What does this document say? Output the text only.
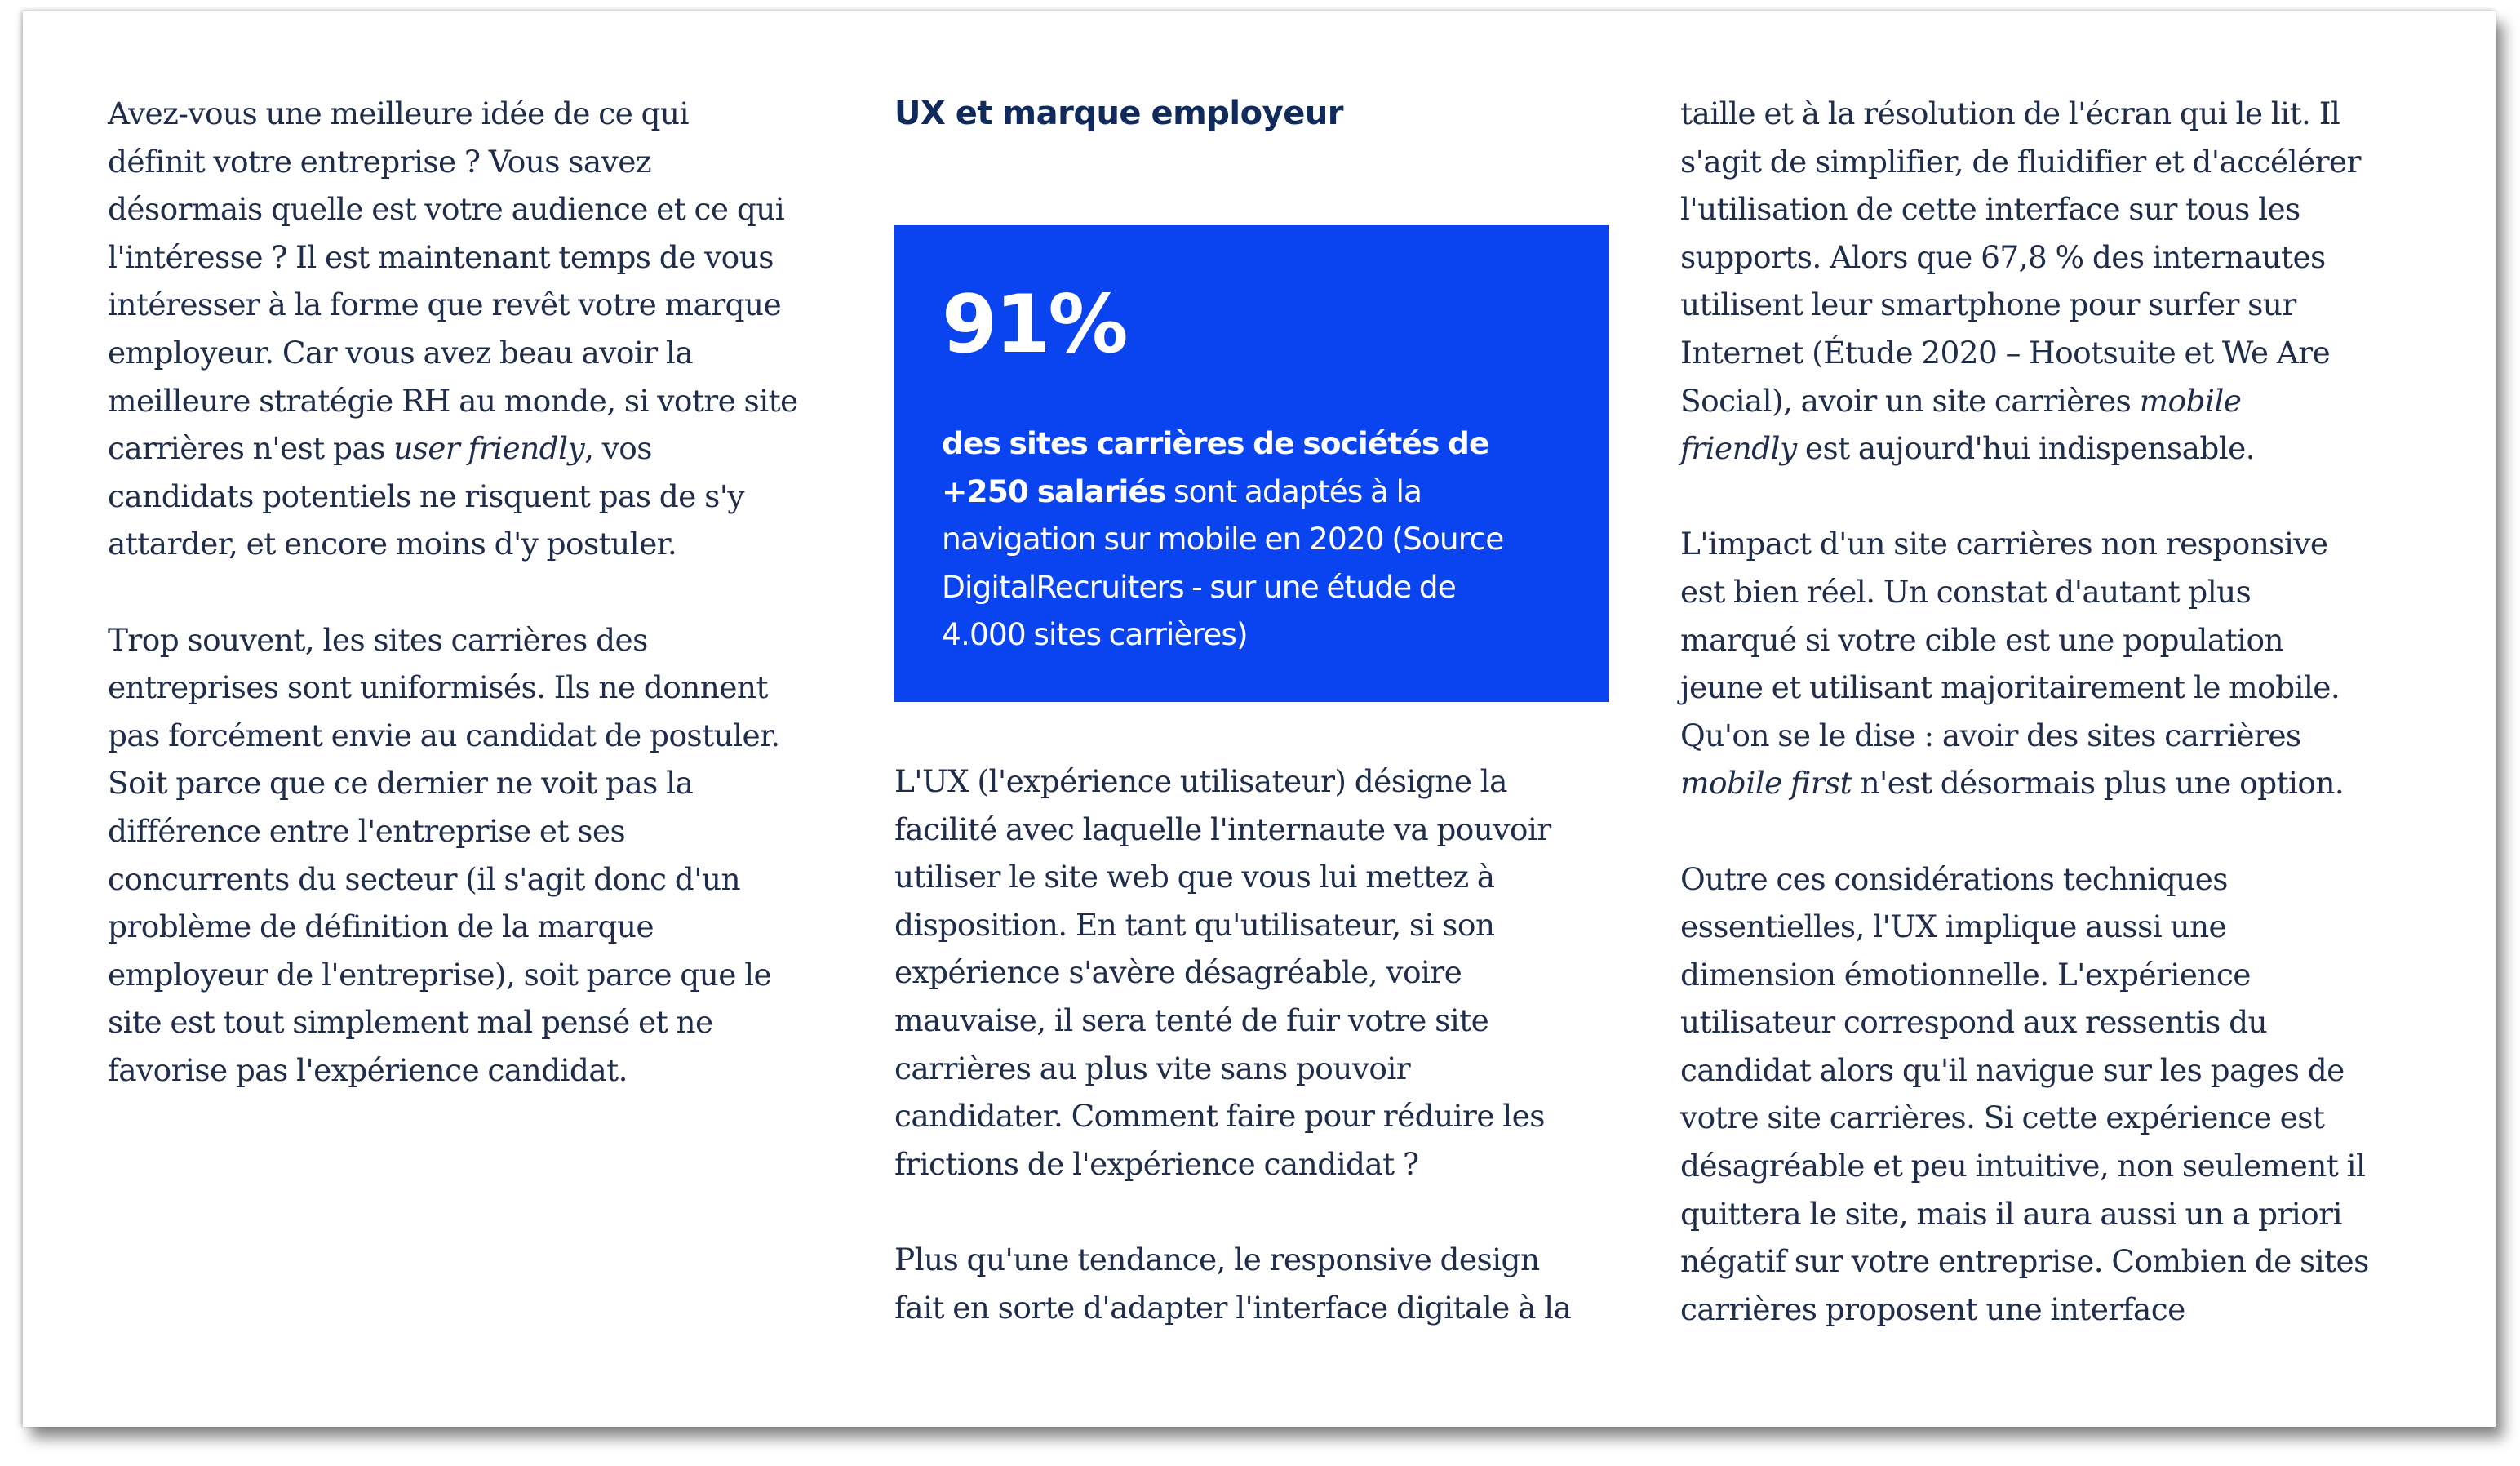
Avez-vous une meilleure idée de ce qui

définit votre entreprise ? Vous savez

désormais quelle est votre audience et ce qui

l'intéresse ? Il est maintenant temps de vous

intéresser à la forme que revêt votre marque

employeur. Car vous avez beau avoir la

meilleure stratégie RH au monde, si votre site

carrières n'est pas user friendly, vos

candidats potentiels ne risquent pas de s'y

attarder, et encore moins d'y postuler.

Trop souvent, les sites carrières des

entreprises sont uniformisés. Ils ne donnent

pas forcément envie au candidat de postuler.

Soit parce que ce dernier ne voit pas la

différence entre l'entreprise et ses

concurrents du secteur (il s'agit donc d'un

problème de définition de la marque

employeur de l'entreprise), soit parce que le

site est tout simplement mal pensé et ne

favorise pas l'expérience candidat.

UX et marque employeur
91%

des sites carrières de sociétés de

+250 salariés sont adaptés à la

navigation sur mobile en 2020 (Source

DigitalRecruiters - sur une étude de

4.000 sites carrières)

L'UX (l'expérience utilisateur) désigne la

facilité avec laquelle l'internaute va pouvoir

utiliser le site web que vous lui mettez à

disposition. En tant qu'utilisateur, si son

expérience s'avère désagréable, voire

mauvaise, il sera tenté de fuir votre site

carrières au plus vite sans pouvoir

candidater. Comment faire pour réduire les

frictions de l'expérience candidat ?

Plus qu'une tendance, le responsive design

fait en sorte d'adapter l'interface digitale à la

taille et à la résolution de l'écran qui le lit. Il

s'agit de simplifier, de fluidifier et d'accélérer

l'utilisation de cette interface sur tous les

supports. Alors que 67,8 % des internautes

utilisent leur smartphone pour surfer sur

Internet (Étude 2020 – Hootsuite et We Are

Social), avoir un site carrières mobile

friendly est aujourd'hui indispensable.

L'impact d'un site carrières non responsive

est bien réel. Un constat d'autant plus

marqué si votre cible est une population

jeune et utilisant majoritairement le mobile.

Qu'on se le dise : avoir des sites carrières

mobile first n'est désormais plus une option.

Outre ces considérations techniques

essentielles, l'UX implique aussi une

dimension émotionnelle. L'expérience

utilisateur correspond aux ressentis du

candidat alors qu'il navigue sur les pages de

votre site carrières. Si cette expérience est

désagréable et peu intuitive, non seulement il

quittera le site, mais il aura aussi un a priori

négatif sur votre entreprise. Combien de sites

carrières proposent une interface
